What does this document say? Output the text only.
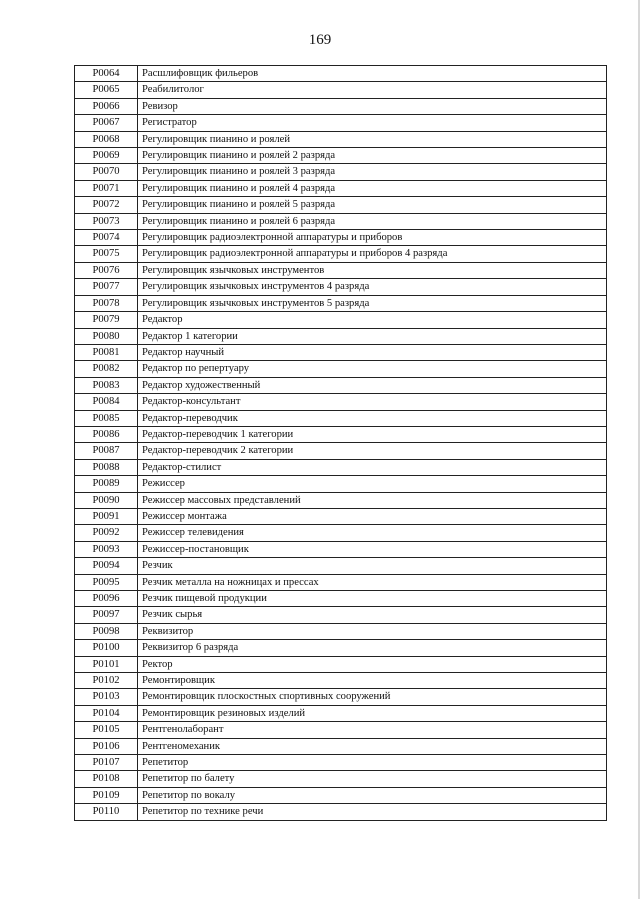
169
Р0064	Расшлифовщик фильеров
Р0065	Реабилитолог
Р0066	Ревизор
Р0067	Регистратор
Р0068	Регулировщик пианино и роялей
Р0069	Регулировщик пианино и роялей 2 разряда
Р0070	Регулировщик пианино и роялей 3 разряда
Р0071	Регулировщик пианино и роялей 4 разряда
Р0072	Регулировщик пианино и роялей 5 разряда
Р0073	Регулировщик пианино и роялей 6 разряда
Р0074	Регулировщик радиоэлектронной аппаратуры и приборов
Р0075	Регулировщик радиоэлектронной аппаратуры и приборов 4 разряда
Р0076	Регулировщик язычковых инструментов
Р0077	Регулировщик язычковых инструментов 4 разряда
Р0078	Регулировщик язычковых инструментов 5 разряда
Р0079	Редактор
Р0080	Редактор 1 категории
Р0081	Редактор научный
Р0082	Редактор по репертуару
Р0083	Редактор художественный
Р0084	Редактор-консультант
Р0085	Редактор-переводчик
Р0086	Редактор-переводчик 1 категории
Р0087	Редактор-переводчик 2 категории
Р0088	Редактор-стилист
Р0089	Режиссер
Р0090	Режиссер массовых представлений
Р0091	Режиссер монтажа
Р0092	Режиссер телевидения
Р0093	Режиссер-постановщик
Р0094	Резчик
Р0095	Резчик металла на ножницах и прессах
Р0096	Резчик пищевой продукции
Р0097	Резчик сырья
Р0098	Реквизитор
Р0100	Реквизитор 6 разряда
Р0101	Ректор
Р0102	Ремонтировщик
Р0103	Ремонтировщик плоскостных спортивных сооружений
Р0104	Ремонтировщик резиновых изделий
Р0105	Рентгенолаборант
Р0106	Рентгеномеханик
Р0107	Репетитор
Р0108	Репетитор по балету
Р0109	Репетитор по вокалу
Р0110	Репетитор по технике речи
